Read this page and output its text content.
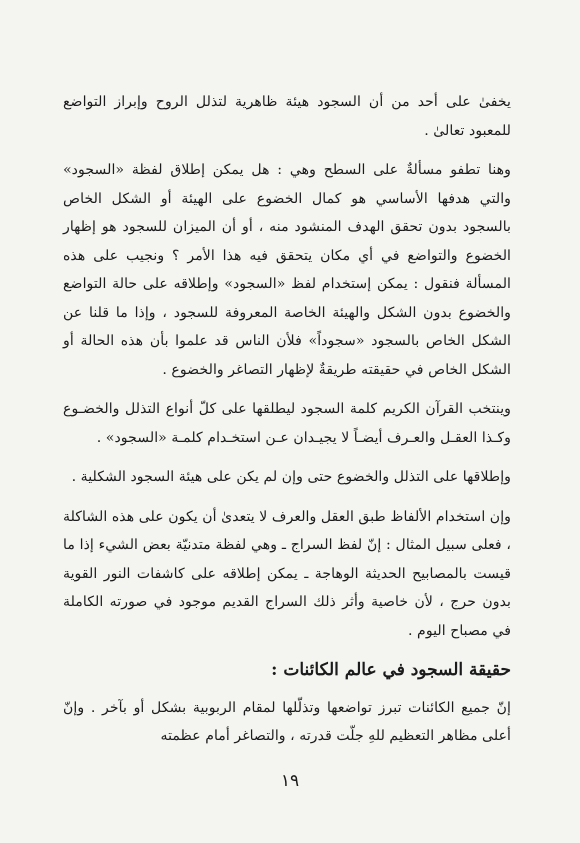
يخفىٰ على أحد من أن السجود هيئة ظاهرية لتذلل الروح وإبراز التواضع للمعبود تعالىٰ .

وهنا تطفو مسألةٌ على السطح وهي : هل يمكن إطلاق لفظة «السجود» والتي هدفها الأساسي هو كمال الخضوع على الهيئة أو الشكل الخاص بالسجود بدون تحقق الهدف المنشود منه ، أو أن الميزان للسجود هو إظهار الخضوع والتواضع في أي مكان يتحقق فيه هذا الأمر ؟ ونجيب على هذه المسألة فنقول : يمكن إستخدام لفظ «السجود» وإطلاقه على حالة التواضع والخضوع بدون الشكل والهيئة الخاصة المعروفة للسجود ، وإذا ما قلنا عن الشكل الخاص بالسجود «سجوداً» فلأن الناس قد علموا بأن هذه الحالة أو الشكل الخاص في حقيقته طريقةٌ لإظهار التصاغر والخضوع .

وينتخب القرآن الكريم كلمة السجود ليطلقها على كلّ أنواع التذلل والخضـوع وكـذا العقـل والعـرف أيضـاً لا يجيـدان عـن استخـدام كلمـة «السجود» .

وإطلاقها على التذلل والخضوع حتى وإن لم يكن على هيئة السجود الشكلية .

وإن استخدام الألفاظ طبق العقل والعرف لا يتعدىٰ أن يكون على هذه الشاكلة ، فعلى سبيل المثال : إنّ لفظ السراج ـ وهي لفظة متدنيّة بعض الشيء إذا ما قيست بالمصابيح الحديثة الوهاجة ـ يمكن إطلاقه على كاشفات النور القوية بدون حرج ، لأن خاصية وأثر ذلك السراج القديم موجود في صورته الكاملة في مصباح اليوم .

حقيقة السجود في عالم الكائنات :

إنّ جميع الكائنات تبرز تواضعها وتذلّلها لمقام الربوبية بشكل أو بآخر . وإنّ أعلى مظاهر التعظيم للهِ جلّت قدرته ، والتصاغر أمام عظمته

١٩
